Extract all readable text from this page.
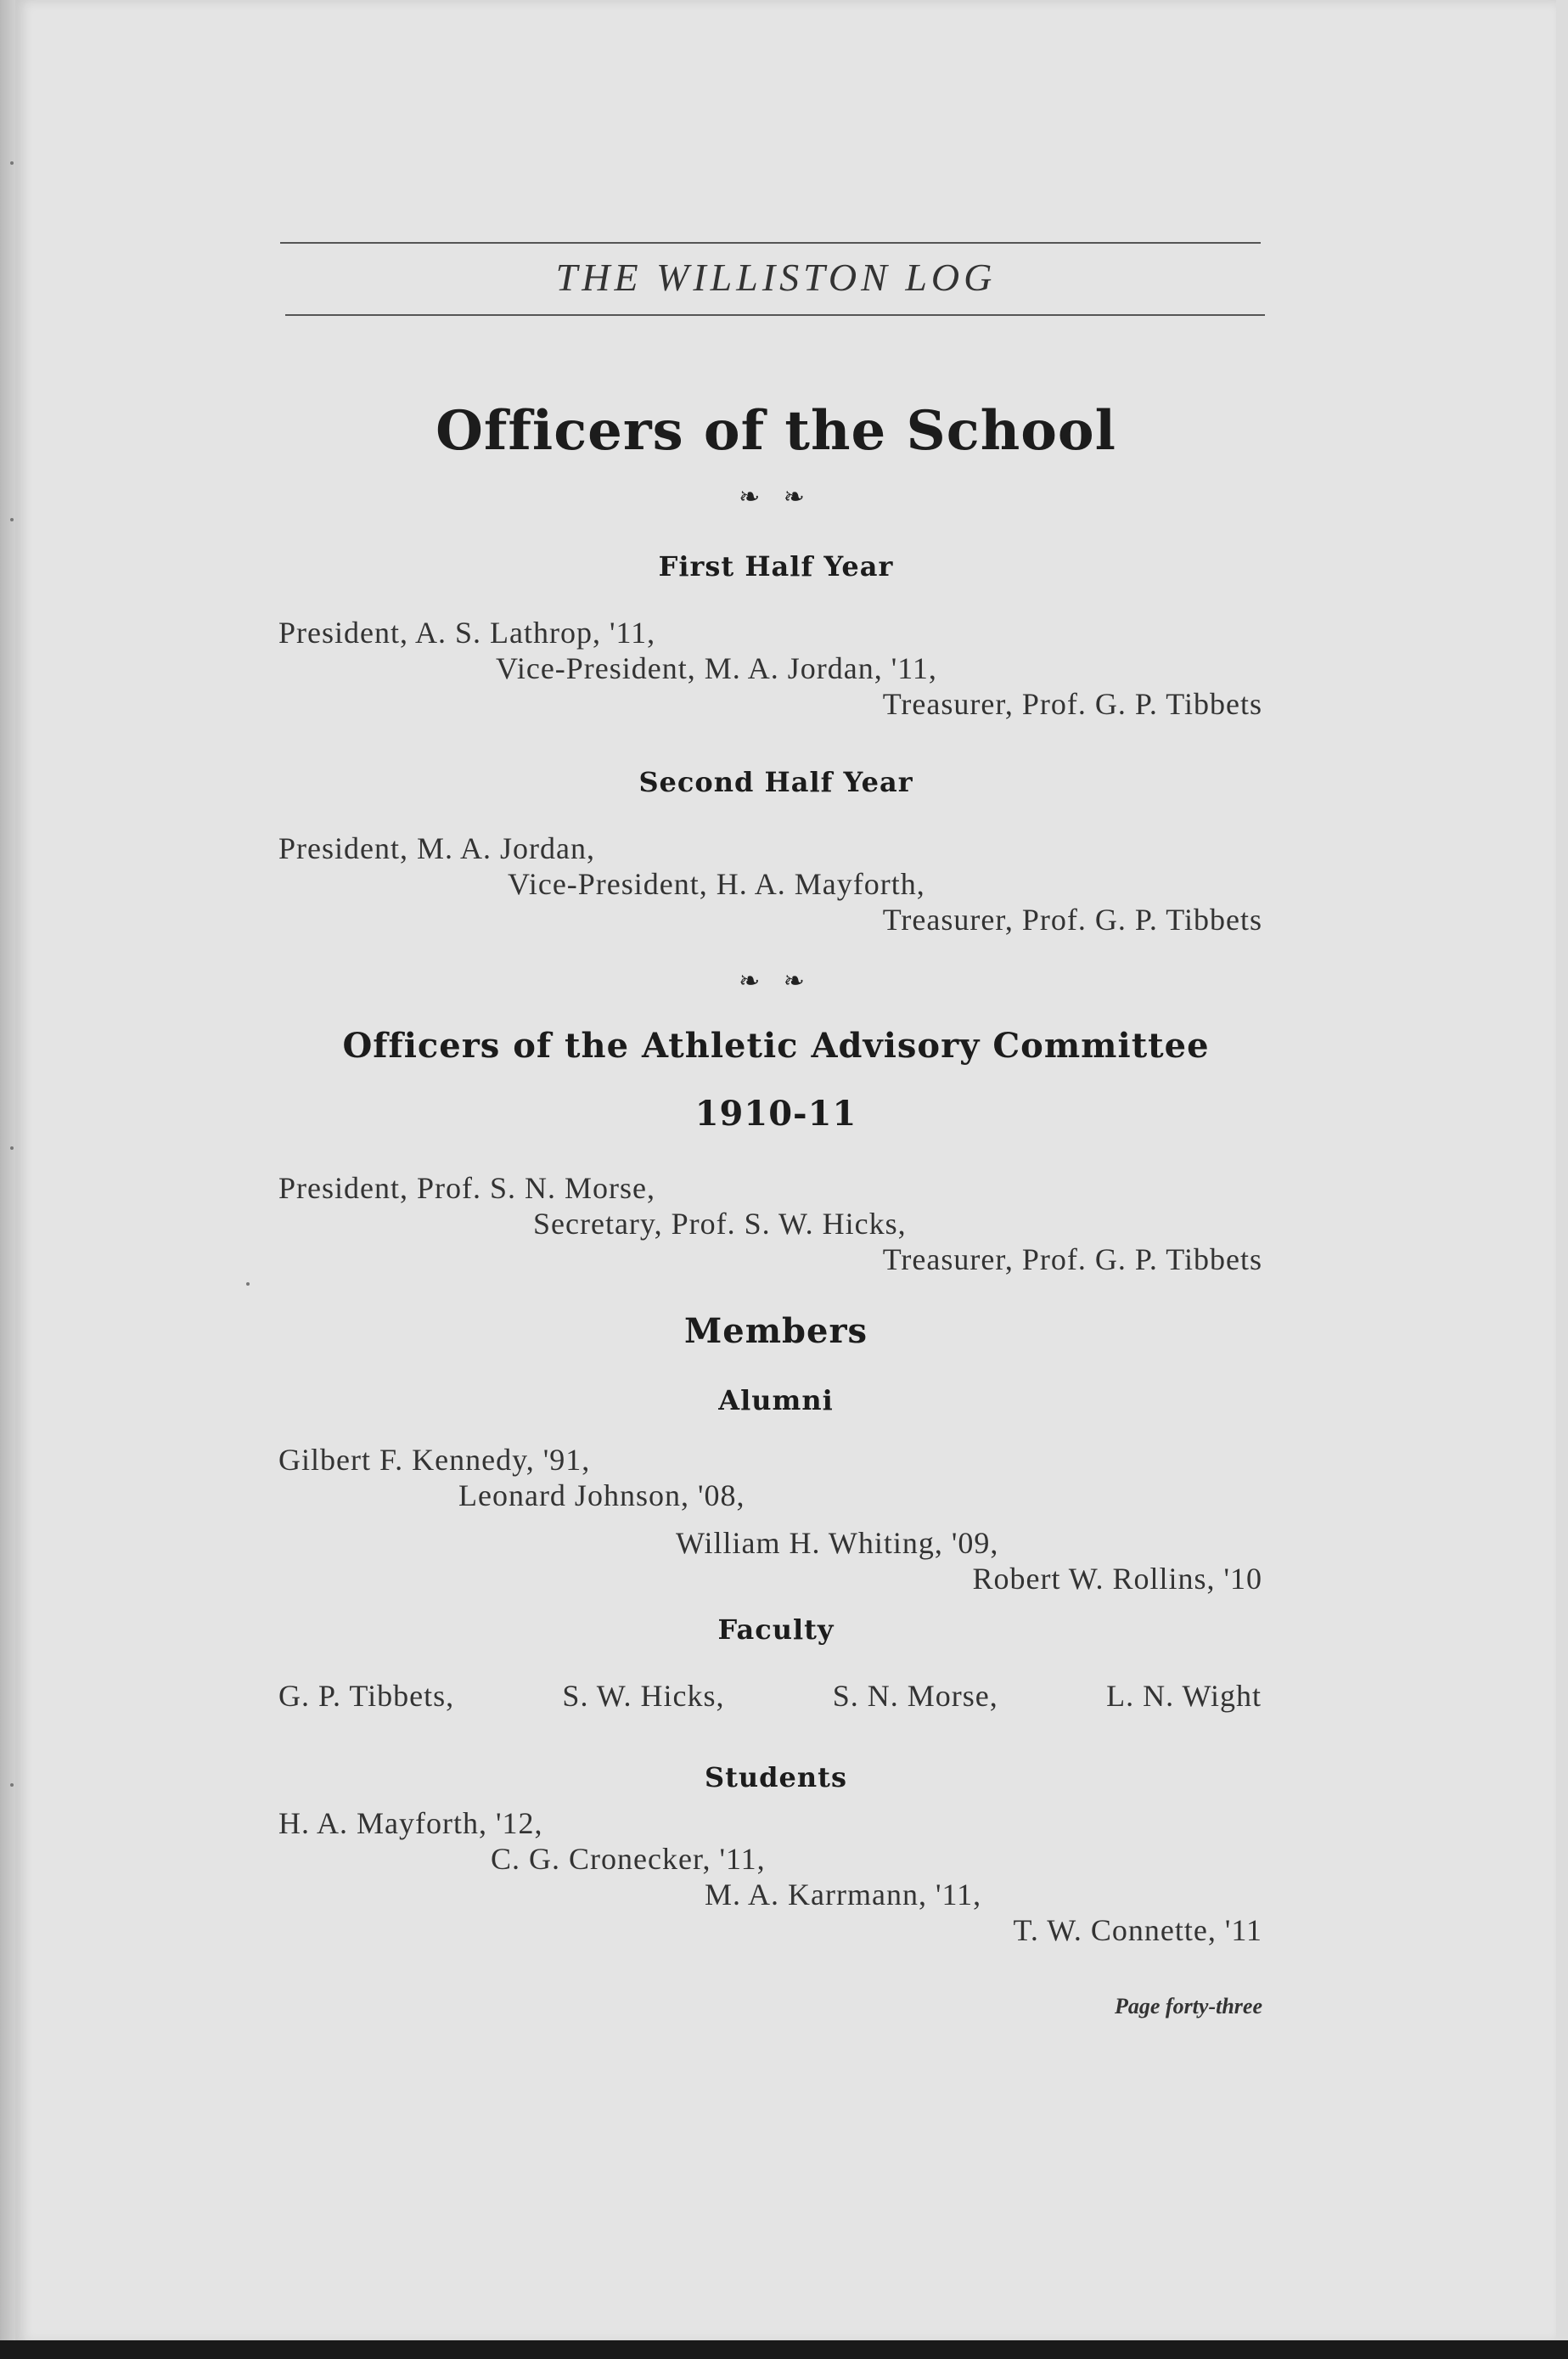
THE WILLISTON LOG
Officers of the School
❧ ❧
First Half Year
President, A. S. Lathrop, '11,
Vice-President, M. A. Jordan, '11,
Treasurer, Prof. G. P. Tibbets
Second Half Year
President, M. A. Jordan,
Vice-President, H. A. Mayforth,
Treasurer, Prof. G. P. Tibbets
❧ ❧
Officers of the Athletic Advisory Committee
1910-11
President, Prof. S. N. Morse,
Secretary, Prof. S. W. Hicks,
Treasurer, Prof. G. P. Tibbets
Members
Alumni
Gilbert F. Kennedy, '91,
Leonard Johnson, '08,
William H. Whiting, '09,
Robert W. Rollins, '10
Faculty
G. P. Tibbets,	S. W. Hicks,	S. N. Morse,	L. N. Wight
Students
H. A. Mayforth, '12,
C. G. Cronecker, '11,
M. A. Karrmann, '11,
T. W. Connette, '11
Page forty-three
